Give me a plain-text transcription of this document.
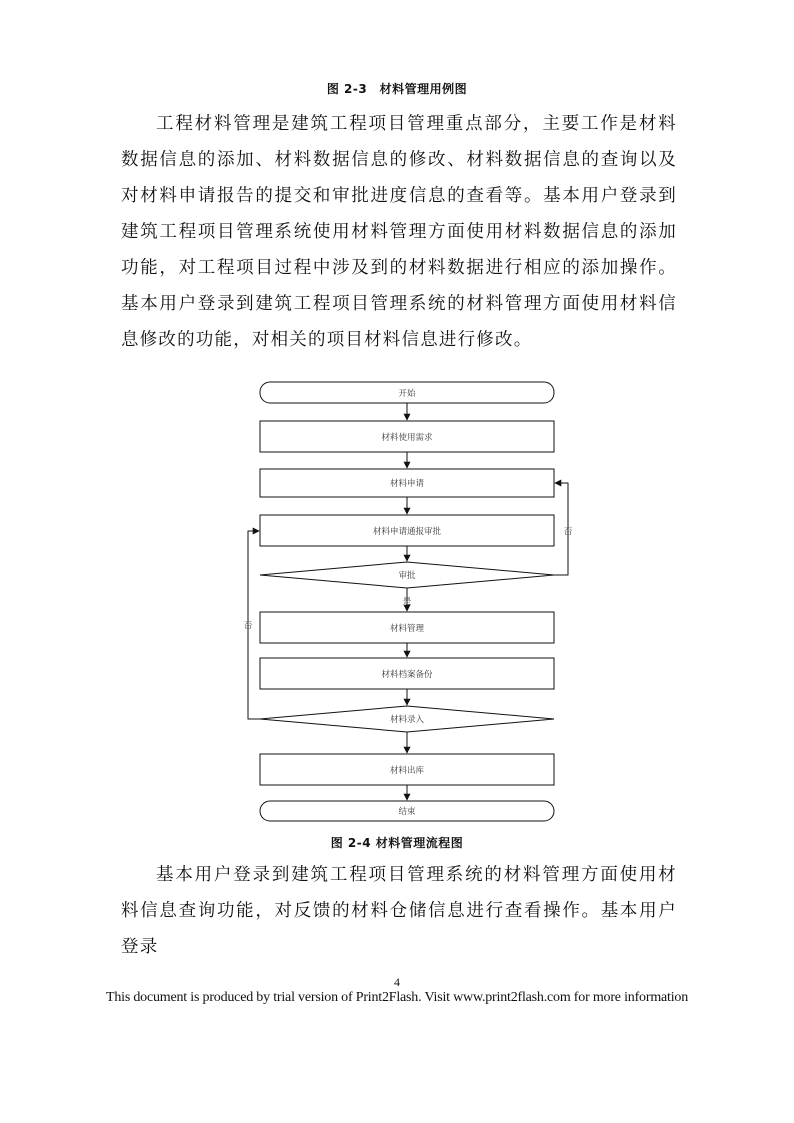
图 2-3　材料管理用例图

工程材料管理是建筑工程项目管理重点部分，主要工作是材料数据信息的添加、材料数据信息的修改、材料数据信息的查询以及对材料申请报告的提交和审批进度信息的查看等。基本用户登录到建筑工程项目管理系统使用材料管理方面使用材料数据信息的添加功能，对工程项目过程中涉及到的材料数据进行相应的添加操作。基本用户登录到建筑工程项目管理系统的材料管理方面使用材料信息修改的功能，对相关的项目材料信息进行修改。

开始
材料使用需求
材料申请
材料申请通报审批
审批
是
否
否	材料管理
材料档案备份
材料录入
材料出库
结束
图 2-4 材料管理流程图

基本用户登录到建筑工程项目管理系统的材料管理方面使用材料信息查询功能，对反馈的材料仓储信息进行查看操作。基本用户登录

4
This document is produced by trial version of Print2Flash. Visit www.print2flash.com for more information
